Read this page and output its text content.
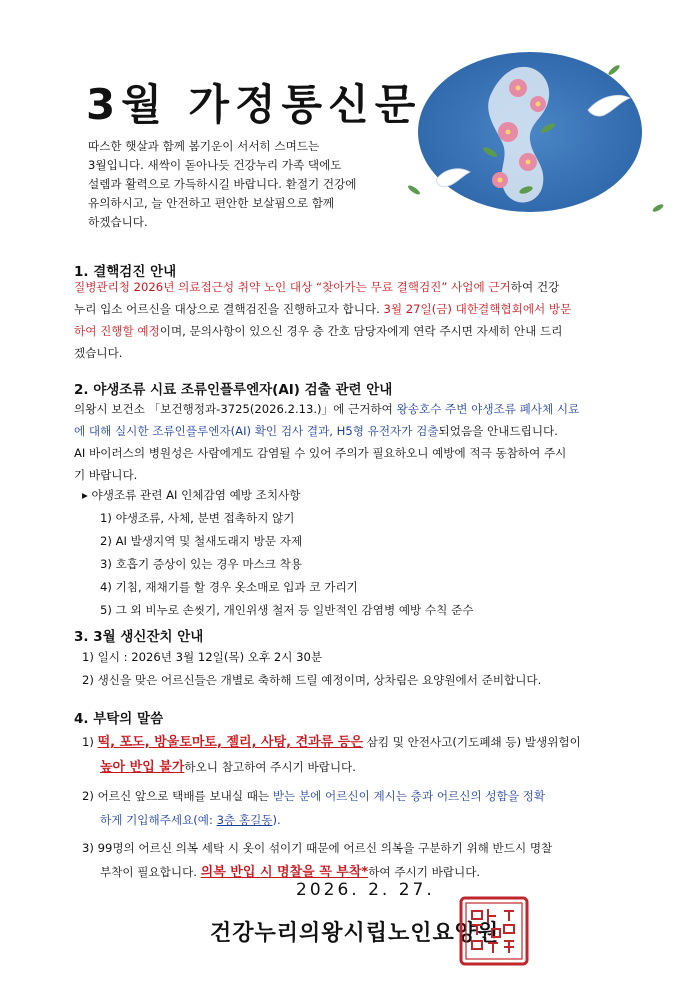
3월 가정통신문
따스한 햇살과 함께 봄기운이 서서히 스며드는
3월입니다. 새싹이 돋아나듯 건강누리 가족 댁에도
설렘과 활력으로 가득하시길 바랍니다. 환절기 건강에
유의하시고, 늘 안전하고 편안한 보살핌으로 함께
하겠습니다.
1. 결핵검진 안내
질병관리청 2026년 의료접근성 취약 노인 대상 “찾아가는 무료 결핵검진” 사업에 근거하여 건강
누리 입소 어르신을 대상으로 결핵검진을 진행하고자 합니다. 3월 27일(금) 대한결핵협회에서 방문
하여 진행할 예정이며, 문의사항이 있으신 경우 층 간호 담당자에게 연락 주시면 자세히 안내 드리
겠습니다.
2. 야생조류 시료 조류인플루엔자(AI) 검출 관련 안내
의왕시 보건소 「보건행정과-3725(2026.2.13.)」에 근거하여 왕송호수 주변 야생조류 폐사체 시료
에 대해 실시한 조류인플루엔자(AI) 확인 검사 결과, H5형 유전자가 검출되었음을 안내드립니다.
AI 바이러스의 병원성은 사람에게도 감염될 수 있어 주의가 필요하오니 예방에 적극 동참하여 주시
기 바랍니다.
▸ 야생조류 관련 AI 인체감염 예방 조치사항
1) 야생조류, 사체, 분변 접촉하지 않기
2) AI 발생지역 및 철새도래지 방문 자제
3) 호흡기 증상이 있는 경우 마스크 착용
4) 기침, 재채기를 할 경우 옷소매로 입과 코 가리기
5) 그 외 비누로 손씻기, 개인위생 철저 등 일반적인 감염병 예방 수칙 준수
3. 3월 생신잔치 안내
1) 일시 : 2026년 3월 12일(목) 오후 2시 30분
2) 생신을 맞은 어르신들은 개별로 축하해 드릴 예정이며, 상차림은 요양원에서 준비합니다.
4. 부탁의 말씀
1) 떡, 포도, 방울토마토, 젤리, 사탕, 견과류 등은 삼킴 및 안전사고(기도폐쇄 등) 발생위험이
높아 반입 불가하오니 참고하여 주시기 바랍니다.
2) 어르신 앞으로 택배를 보내실 때는 받는 분에 어르신이 계시는 층과 어르신의 성함을 정확
하게 기입해주세요(예: 3층 홍길동).
3) 99명의 어르신 의복 세탁 시 옷이 섞이기 때문에 어르신 의복을 구분하기 위해 반드시 명찰
부착이 필요합니다. 의복 반입 시 명찰을 꼭 부착*하여 주시기 바랍니다.
2026. 2. 27.
건강누리의왕시립노인요양원
